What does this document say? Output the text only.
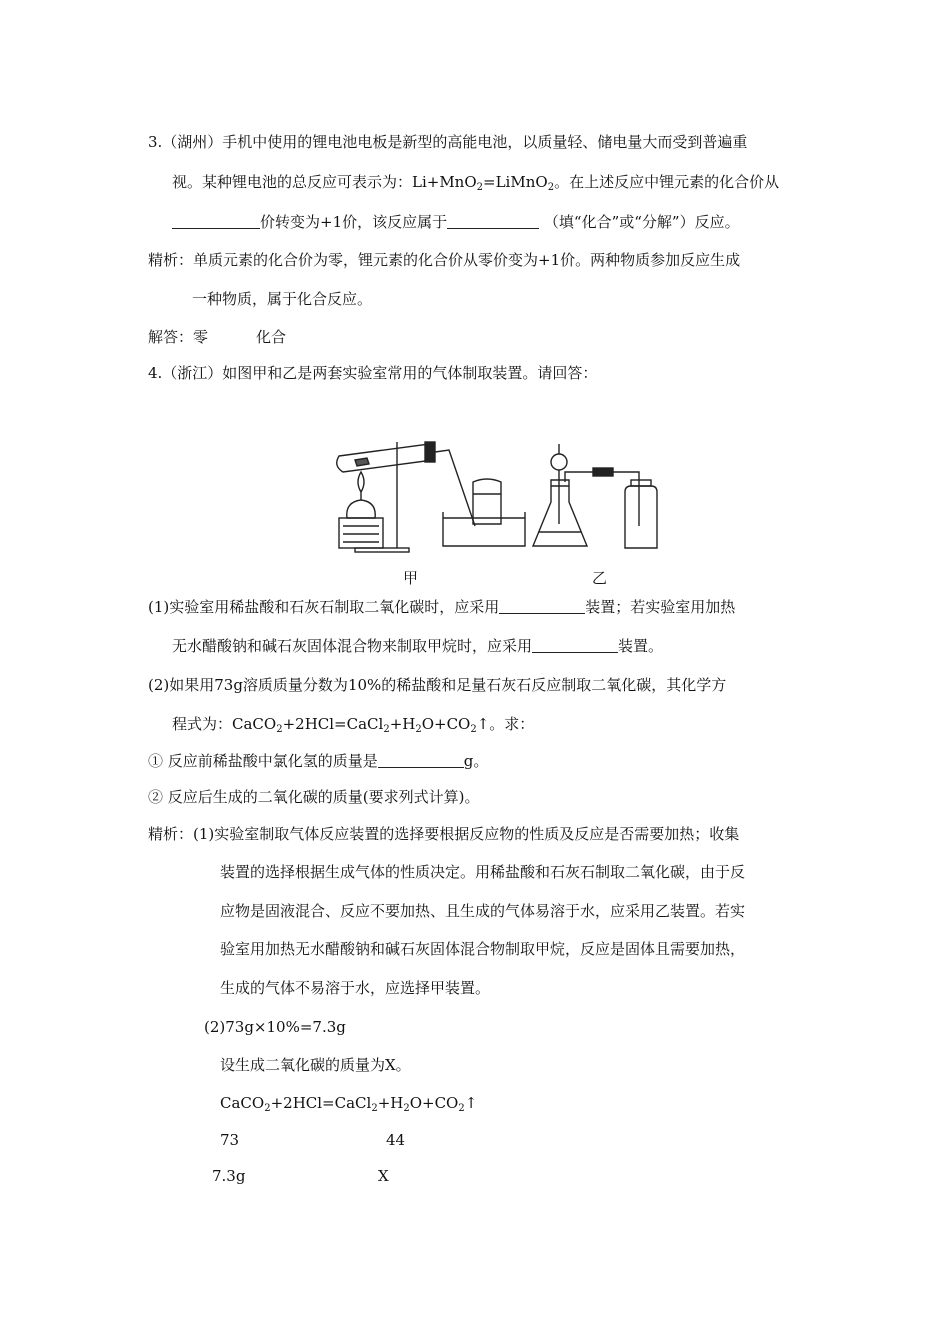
3.（湖州）手机中使用的锂电池电板是新型的高能电池，以质量轻、储电量大而受到普遍重
视。某种锂电池的总反应可表示为：Li+MnO$_2$=LiMnO$_2$。在上述反应中锂元素的化合价从
价转变为+1价，该反应属于	（填“化合”或“分解”）反应。
精析：单质元素的化合价为零，锂元素的化合价从零价变为+1价。两种物质参加反应生成
一种物质，属于化合反应。
解答：零	化合
4.（浙江）如图甲和乙是两套实验室常用的气体制取装置。请回答：
甲	乙
(1)实验室用稀盐酸和石灰石制取二氧化碳时，应采用	装置；若实验室用加热
无水醋酸钠和碱石灰固体混合物来制取甲烷时，应采用	装置。
(2)如果用73g溶质质量分数为10%的稀盐酸和足量石灰石反应制取二氧化碳，其化学方
程式为：$CaCO_2+2HCl=CaCl_2+H_2O+CO_2↑$。求：
① 反应前稀盐酸中氯化氢的质量是	g。
② 反应后生成的二氧化碳的质量(要求列式计算)。
精析：(1)实验室制取气体反应装置的选择要根据反应物的性质及反应是否需要加热；收集
装置的选择根据生成气体的性质决定。用稀盐酸和石灰石制取二氧化碳，由于反
应物是固液混合、反应不要加热、且生成的气体易溶于水，应采用乙装置。若实
验室用加热无水醋酸钠和碱石灰固体混合物制取甲烷，反应是固体且需要加热，
生成的气体不易溶于水，应选择甲装置。
(2)73g×10%=7.3g
设生成二氧化碳的质量为X。
$CaCO_2+2HCl=CaCl_2+H_2O+CO_2↑$
73	44
7.3g	X
